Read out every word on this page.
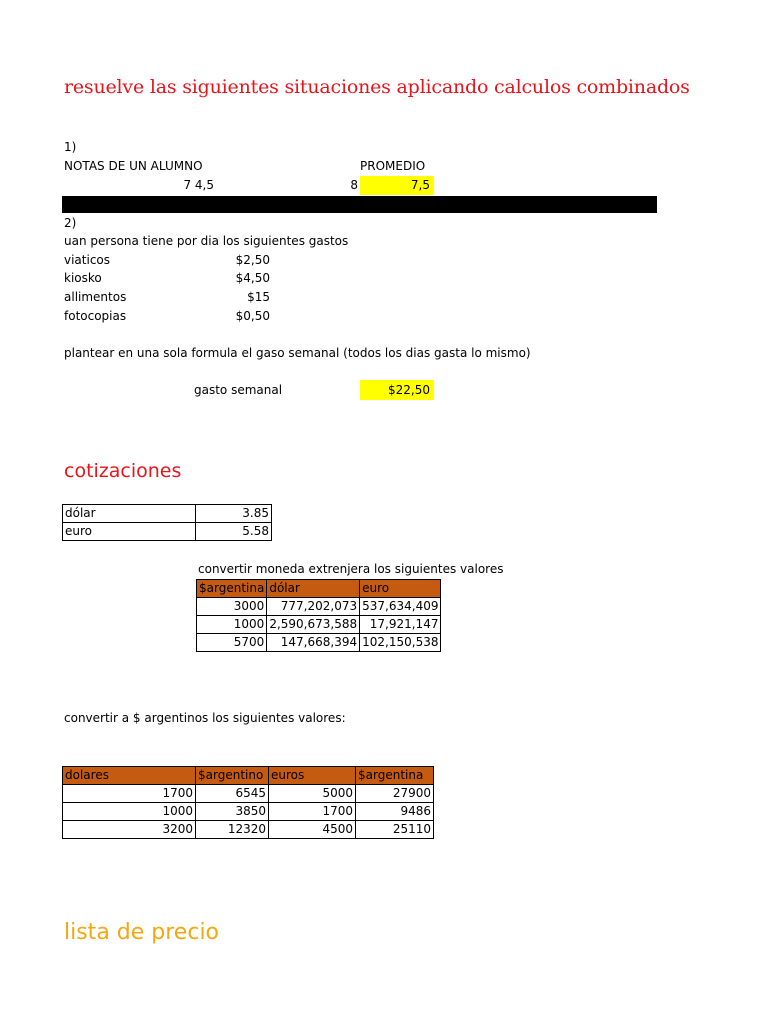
resuelve las siguientes situaciones aplicando calculos combinados
1)
NOTAS DE UN ALUMNO	PROMEDIO
7 4,5	8	7,5
2)
uan persona tiene por dia los siguientes gastos
viaticos	$2,50
kiosko	$4,50
allimentos	$15
fotocopias	$0,50
plantear en una sola formula el gaso semanal (todos los dias gasta lo mismo)
gasto semanal	$22,50
cotizaciones
dólar	3.85
euro	5.58
convertir moneda extrenjera los siguientes valores
$argentina	dólar	euro
3000	777,202,073	537,634,409
1000	2,590,673,588	17,921,147
5700	147,668,394	102,150,538
convertir a $ argentinos los siguientes valores:
dolares	$argentino	euros	$argentina
1700	6545	5000	27900
1000	3850	1700	9486
3200	12320	4500	25110
lista de precio
